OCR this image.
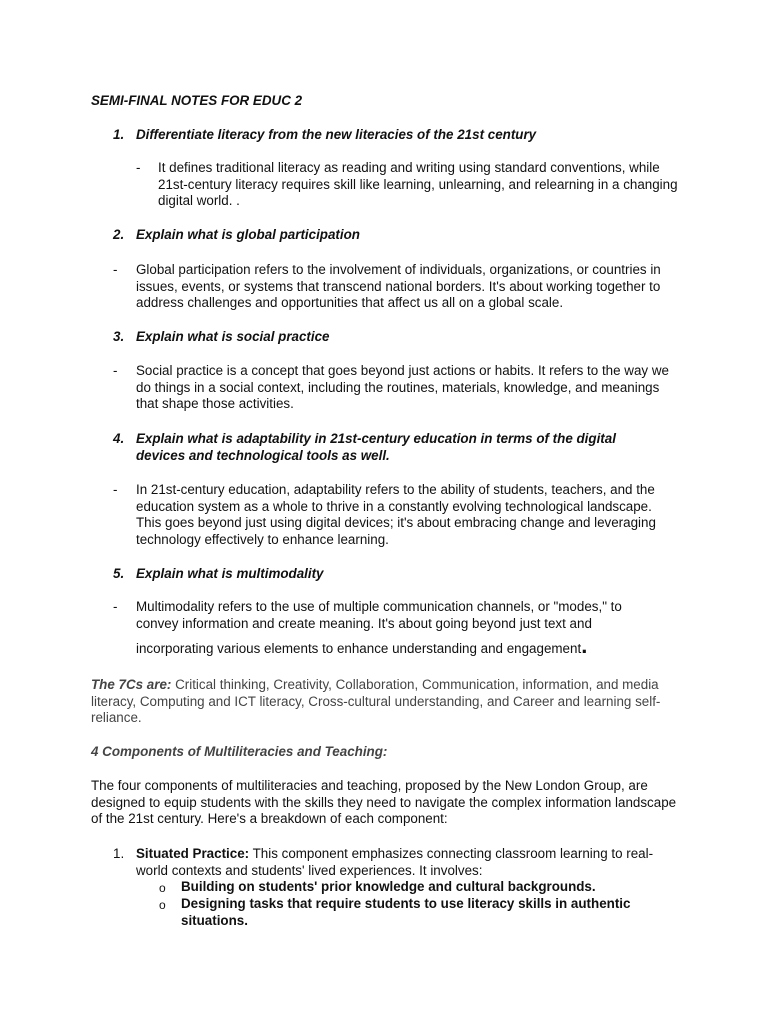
SEMI-FINAL NOTES FOR EDUC 2
1. Differentiate literacy from the new literacies of the 21st century
- It defines traditional literacy as reading and writing using standard conventions, while 21st-century literacy requires skill like learning, unlearning, and relearning in a changing digital world. .

2. Explain what is global participation
- Global participation refers to the involvement of individuals, organizations, or countries in issues, events, or systems that transcend national borders. It's about working together to address challenges and opportunities that affect us all on a global scale.

3. Explain what is social practice
- Social practice is a concept that goes beyond just actions or habits. It refers to the way we do things in a social context, including the routines, materials, knowledge, and meanings that shape those activities.

4. Explain what is adaptability in 21st-century education in terms of the digital devices and technological tools as well.
- In 21st-century education, adaptability refers to the ability of students, teachers, and the education system as a whole to thrive in a constantly evolving technological landscape. This goes beyond just using digital devices; it's about embracing change and leveraging technology effectively to enhance learning.

5. Explain what is multimodality
- Multimodality refers to the use of multiple communication channels, or "modes," to
convey information and create meaning. It's about going beyond just text and
incorporating various elements to enhance understanding and engagement.

The 7Cs are: Critical thinking, Creativity, Collaboration, Communication, information, and media literacy, Computing and ICT literacy, Cross-cultural understanding, and Career and learning self-reliance.

4 Components of Multiliteracies and Teaching:

The four components of multiliteracies and teaching, proposed by the New London Group, are designed to equip students with the skills they need to navigate the complex information landscape of the 21st century. Here's a breakdown of each component:

1. Situated Practice: This component emphasizes connecting classroom learning to real-world contexts and students' lived experiences. It involves:

o Building on students' prior knowledge and cultural backgrounds.
o Designing tasks that require students to use literacy skills in authentic situations.
